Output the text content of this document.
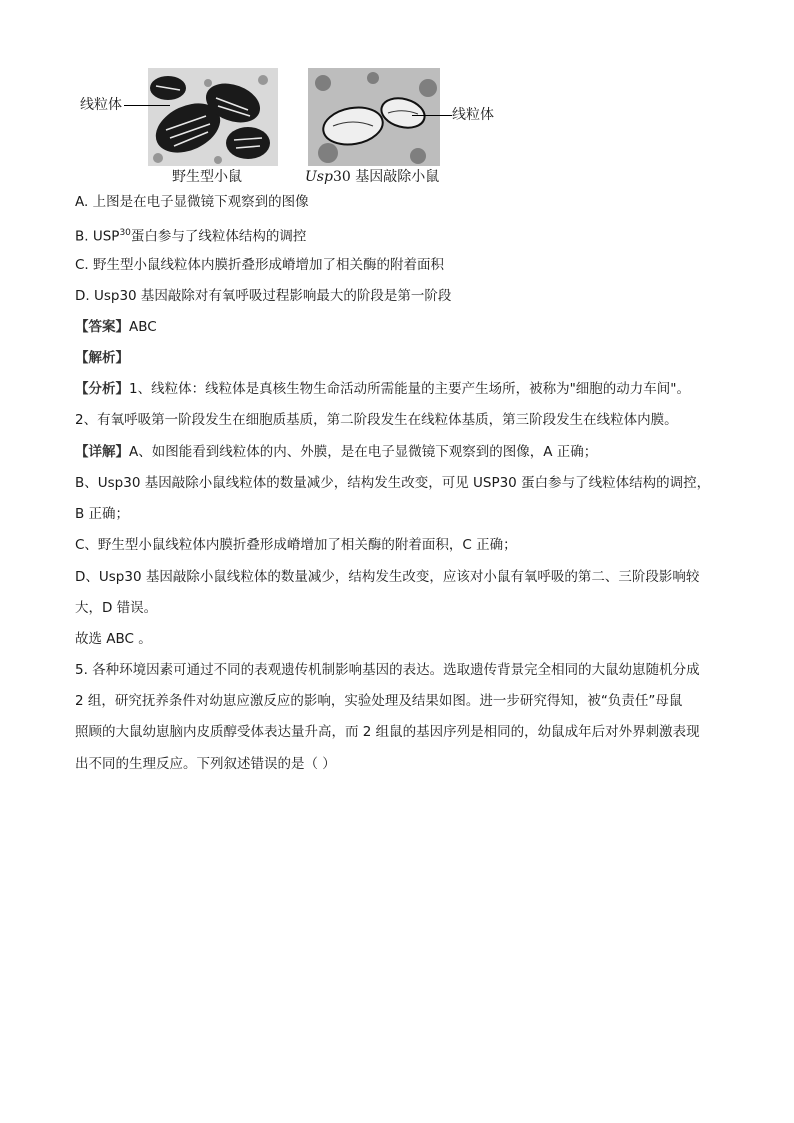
线粒体
野生型小鼠
线粒体
Usp30 基因敲除小鼠
A. 上图是在电子显微镜下观察到的图像
B. USP$^{30}$蛋白参与了线粒体结构的调控
C. 野生型小鼠线粒体内膜折叠形成嵴增加了相关酶的附着面积
D. Usp30 基因敲除对有氧呼吸过程影响最大的阶段是第一阶段
【答案】ABC
【解析】
【分析】1、线粒体：线粒体是真核生物生命活动所需能量的主要产生场所，被称为"细胞的动力车间"。
2、有氧呼吸第一阶段发生在细胞质基质，第二阶段发生在线粒体基质，第三阶段发生在线粒体内膜。
【详解】A、如图能看到线粒体的内、外膜，是在电子显微镜下观察到的图像，A 正确；
B、Usp30 基因敲除小鼠线粒体的数量减少，结构发生改变，可见 USP30 蛋白参与了线粒体结构的调控，
B 正确；
C、野生型小鼠线粒体内膜折叠形成嵴增加了相关酶的附着面积，C 正确；
D、Usp30 基因敲除小鼠线粒体的数量减少，结构发生改变，应该对小鼠有氧呼吸的第二、三阶段影响较
大，D 错误。
故选 ABC 。
5. 各种环境因素可通过不同的表观遗传机制影响基因的表达。选取遗传背景完全相同的大鼠幼崽随机分成
2 组，研究抚养条件对幼崽应激反应的影响，实验处理及结果如图。进一步研究得知，被“负责任”母鼠
照顾的大鼠幼崽脑内皮质醇受体表达量升高，而 2 组鼠的基因序列是相同的，幼鼠成年后对外界刺激表现
出不同的生理反应。下列叙述错误的是（ ）
